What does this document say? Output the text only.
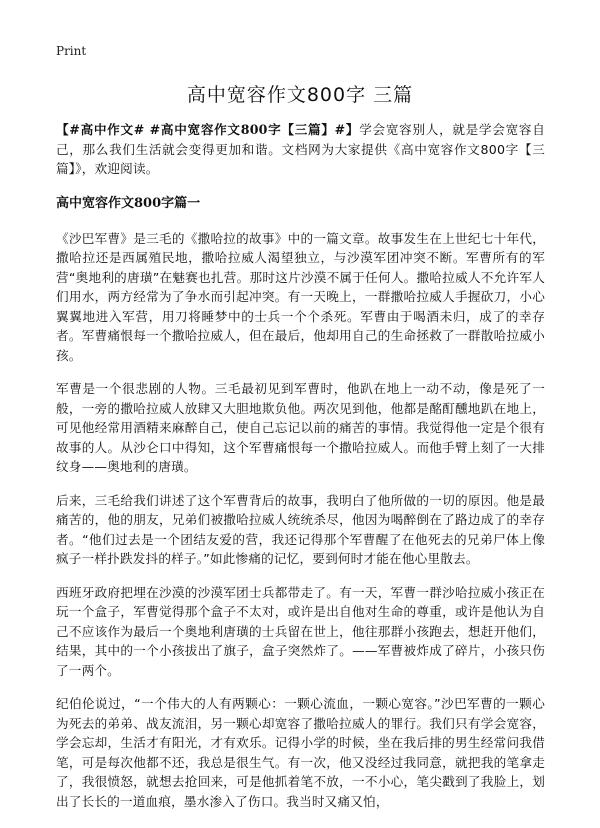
Print
高中宽容作文800字 三篇

【#高中作文# #高中宽容作文800字【三篇】#】学会宽容别人，就是学会宽容自己，那么我们生活就会变得更加和谐。文档网为大家提供《高中宽容作文800字【三篇】》，欢迎阅读。

高中宽容作文800字篇一

《沙巴军曹》是三毛的《撒哈拉的故事》中的一篇文章。故事发生在上世纪七十年代，撒哈拉还是西属殖民地，撒哈拉威人渴望独立，与沙漠军团冲突不断。军曹所有的军营“奥地利的唐璜”在魅赛也扎营。那时这片沙漠不属于任何人。撒哈拉威人不允许军人们用水，两方经常为了争水而引起冲突。有一天晚上，一群撒哈拉威人手握砍刀，小心翼翼地进入军营，用刀将睡梦中的士兵一个个杀死。军曹由于喝酒未归，成了的幸存者。军曹痛恨每一个撒哈拉威人，但在最后，他却用自己的生命拯救了一群散哈拉威小孩。

军曹是一个很悲剧的人物。三毛最初见到军曹时，他趴在地上一动不动，像是死了一般，一旁的撒哈拉威人放肆又大胆地欺负他。两次见到他，他都是酩酊醺地趴在地上，可见他经常用酒精来麻醉自己，使自己忘记以前的痛苦的事情。我觉得他一定是个很有故事的人。从沙仑口中得知，这个军曹痛恨每一个撒哈拉威人。而他手臂上刻了一大排纹身——奥地利的唐璜。

后来，三毛给我们讲述了这个军曹背后的故事，我明白了他所做的一切的原因。他是最痛苦的，他的朋友，兄弟们被撒哈拉威人统统杀尽，他因为喝醉倒在了路边成了的幸存者。“他们过去是一个团结友爱的营，我还记得那个军曹醒了在他死去的兄弟尸体上像疯子一样扑跌发抖的样子。”如此惨痛的记忆，要到何时才能在他心里散去。

西班牙政府把埋在沙漠的沙漠军团士兵都带走了。有一天，军曹一群沙哈拉威小孩正在玩一个盒子，军曹觉得那个盒子不太对，或许是出自他对生命的尊重，或许是他认为自己不应该作为最后一个奥地利唐璜的士兵留在世上，他往那群小孩跑去，想赶开他们，结果，其中的一个小孩拔出了旗子，盒子突然炸了。——军曹被炸成了碎片，小孩只伤了一两个。

纪伯伦说过，“一个伟大的人有两颗心：一颗心流血，一颗心宽容。”沙巴军曹的一颗心为死去的弟弟、战友流泪，另一颗心却宽容了撒哈拉威人的罪行。我们只有学会宽容，学会忘却，生活才有阳光，才有欢乐。记得小学的时候，坐在我后排的男生经常问我借笔，可是每次他都不还，我总是很生气。有一次，他又没经过我同意，就把我的笔拿走了，我很愤怒，就想去抢回来，可是他抓着笔不放，一不小心，笔尖戳到了我脸上，划出了长长的一道血痕，墨水渗入了伤口。我当时又痛又怕，
